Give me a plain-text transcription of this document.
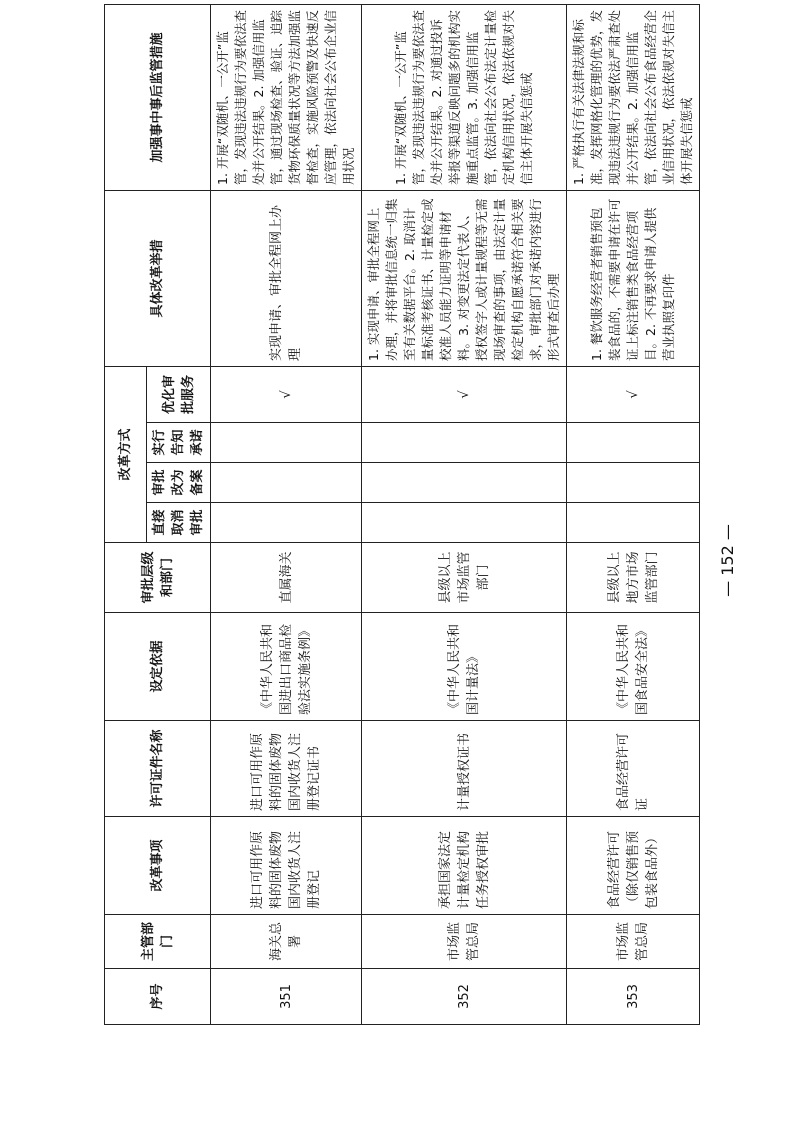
序号	主管部门	改革事项	许可证件名称	设定依据	审批层级和部门	改革方式				具体改革举措	加强事中事后监管措施
						直接取消审批	审批改为备案	实行告知承诺	优化审批服务		
351	海关总署	进口可用作原料的固体废物国内收货人注册登记	进口可用作原料的固体废物国内收货人注册登记证书	《中华人民共和国进出口商品检验法实施条例》	直属海关				√	实现申请、审批全程网上办理	1. 开展“双随机、一公开”监管，发现违法违规行为要依法查处并公开结果。2. 加强信用监管，通过现场检查、验证、追踪货物环保质量状况等方法加强监督检查，实施风险预警及快速反应管理，依法向社会公布企业信用状况
352	市场监管总局	承担国家法定计量检定机构任务授权审批	计量授权证书	《中华人民共和国计量法》	县级以上市场监管部门				√	1. 实现申请、审批全程网上办理，并将审批信息统一归集至有关数据平台。2. 取消计量标准考核证书、计量检定或校准人员能力证明等申请材料。3. 对变更法定代表人、授权签字人或计量规程等无需现场审查的事项，由法定计量检定机构自愿承诺符合相关要求，审批部门对承诺内容进行形式审查后办理	1. 开展“双随机、一公开”监管，发现违法违规行为要依法查处并公开结果。2. 对通过投诉举报等渠道反映问题多的机构实施重点监管。3. 加强信用监管，依法向社会公布法定计量检定机构信用状况，依法依规对失信主体开展失信惩戒
353	市场监管总局	食品经营许可（除仅销售预包装食品外）	食品经营许可证	《中华人民共和国食品安全法》	县级以上地方市场监管部门				√	1. 餐饮服务经营者销售预包装食品的，不需要申请在许可证上标注销售类食品经营项目。2. 不再要求申请人提供营业执照复印件	1. 严格执行有关法律法规和标准，发挥网格化管理的优势，发现违法违规行为要依法严肃查处并公开结果。2. 加强信用监管，依法向社会公布食品经营企业信用状况，依法依规对失信主体开展失信惩戒
— 152 —
